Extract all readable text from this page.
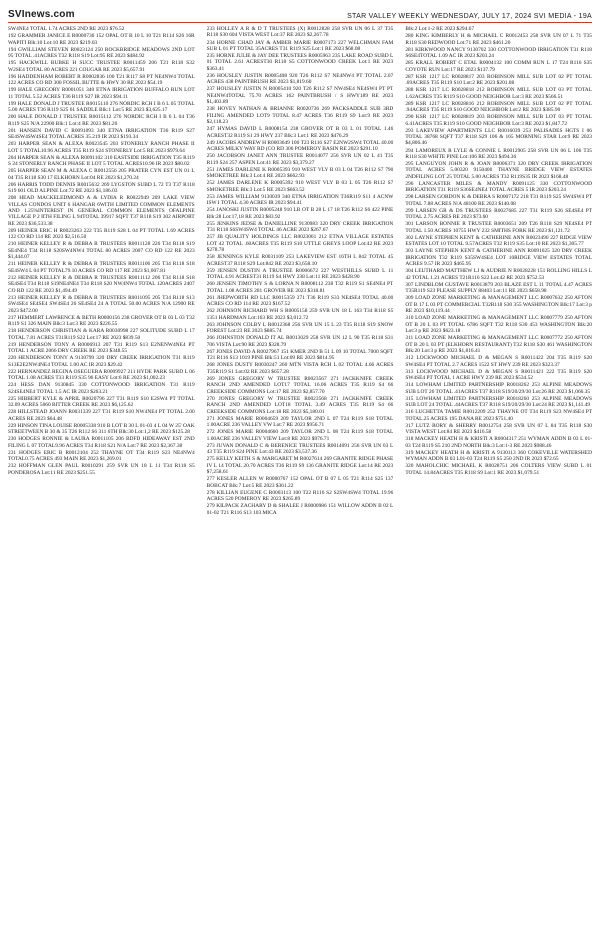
SVInews.com	STAR VALLEY WEEKLY WEDNESDAY, JULY 17, 2024 SVI MEDIA - 19A

SW4NE4 TOTAL 1.74 ACRES 2ND RE 2023 $76.52

192 GRAMMER JANICE E R0000736 152 OPAL OT B 10 L 10 T21 R114 S26 16R WAPITI Blk:10 Lot:10 RE 2023 $219.03

194 GWILLIAM STEVEN R0023124 250 ROCKBRIDGE MEADOWS 2ND LOT 95 TOTAL .41ACRES T32 R118 S19 Lot:95 RE 2023 $484.92

195 HACKWILL BUBKE H SUCC TRUSTEE R0011459 206 T21 R118 S32 W2SE4 TOTAL 80 ACRES 221 COUGAR RE 2023 $5,657.91

196 HADDENHAM ROBERT R R0002836 100 T21 R117 S8 PT NE4NW4 TOTAL 122 ACRES CO RD 300 FOSSIL BUTTE & HWY 30 RE 2023 $54.19

199 HALE GREGORY R0001051 340 ETNA IRRIGATION BUFFALO RUN LOT 11 TOTAL 5.52 ACRES T36 R119 S27 IR 2023 $94.11

199 HALE DONALD J TRUSTEE R0015110 276 NORDIC RCH I B 6 L 05 TOTAL 5.00 ACRES T36 R119 S25 61 SADDLE Blk:1 Lot:5 RE 2023 $3,625.17

200 HALE DONALD J TRUSTEE R0015112 276 NORDIC RCH I B 6 L 04 T36 R119 S25 N/A 22900 Blk:1 Lot:4 RE 2023 $81.20

201 HANSEN DAVID C R0091093 340 ETNA IRRIGATION T36 R119 S27 SE4SW4SW4SE4 TOTAL ACRES 35.219 IR 2023 $193.34

203 HARPER SEAN & ALEXA R0023545 203 STONERLY RANCH PHASE II LOT 5 TOTAL10.96 ACRES T35 R119 S24 STONERLY Lot:5 RE 2023 $979.64

204 HARPER SEAN & ALEXA R0091102 310 EASTSIDE IRRIGATION T35 R119 S 24 STONERLY RANCH PHASE II LOT 5 TOTAL ACRES10.96 IR 2023 $80.02

205 HARPER SEAN M & ALEXA C R0012556 205 PRATER CYN EST UN 01 L 04 T35 R118 S30 17 ELKHORN Lot:04 RE 2023 $1,270.24

206 HARRIS TODD DENNIS R0015632 269 LYGSTON SUBD L 72 T3 T37 R118 S19 601 OLD ALPINE Lot:72 RE 2023 $1,186.03

208 HEAD MACKELEDMOND A & LYDIA R R0022949 269 LAKE VIEW VILLAS CONDOS UNIT 6 HANGAR 6WITH LIMITED COMMON ELEMENTS AND 1.25%INTEREST IN GENERAL COMMON ELEMENTS OFALPINE VILLAGE P 2 IITH FILING L 94TOTAL 39917 SQFT T37 R118 S19 302 AIRPORT RE 2023 $36,533.38

209 HEINER ERIC H R0023263 222 T35 R119 S28 L 04 PT TOTAL 1.69 ACRES 122 CO RD 114 RE 2023 $2,516.50

210 HEINER KELLEY R & DEBRA R TRUSTEES R0011128 226 T34 R118 S19 SE4NE4 T34 R118 S20SW4NW4 TOTAL 80 ACRES 2007 CO RD 122 RE 2023 $1,444.07

211 HEINER KELLEY R & DEBRA R TRUSTEES R0011106 205 T34 R118 S18 SE4SW4 L 04 PT TOTAL79.10 ACRES CO RD 117 RE 2023 $1,007.81

212 HEINER KELLEY R & DEBRA R TRUSTEES R0011112 206 T34 R118 S18 SE4SE4 T34 R118 S19NE4NE4 T34 R118 S20 NW4NW4 TOTAL 120ACRES 2407 CO RD 122 RE 2023 $1,494.49

213 HEINER KELLEY R & DEBRA R TRUSTEES R0011095 205 T34 R118 S13 SW4SE4 SE4SE4 SW4SE4 26 SE4SE4 24 A TOTAL 50.00 ACRES N/A 12900 RE 2023 $472.00

217 HEMMERT LAWRENCE & BETH R0000156 238 GROVER OT B 03 L 03 T32 R119 S1 326 MAIN Blk:3 Lot:3 RE 2023 $226.55

218 HENDERSON CHRISTIAN & KARA R0030998 227 SOLITUDE SUBD L 17 TOTAL 7.81 ACRES T31R119 S22 Lot:17 RE 2023 $839.50

219 HENDERSON TONY A R0006913 207 T31 R119 S13 E2NENW4NE4 PT TOTAL 1 ACRE 2066 DRY CREEK RE 2023 $348.55

220 HENDERSON TONY A 9130799 320 DRY CREEK IRRIGATION T31 R119 S13E2E2NW4NE4 TOTAL 1.00 AC IR 2023 $29.42

222 HERNANDEZ REGINA OSEGUERA R0009927 211 HYDE PARK SUBD L 06 TOTAL 1.08 ACRES T33 R119 S35 96 EASY Lot:6 RE 2023 $1,002.23

224 HESS DAN 9130845 330 COTTONWOOD IRRIGATION T31 R119 S24SE4NE4 TOTAL 1.5 AC IR 2023 $263.21

225 HIBBERT KYLE & APRIL R0020796 227 T31 R119 S10 E2SW4 PT TOTAL 32.09 ACRES 5060 BITTER CREEK RE 2023 $6,125.62

228 HILLSTEAD JOANN R0031339 227 T31 R119 S10 NW4NE4 PT TOTAL 2.00 ACRES RE 2023 $64.48

229 HINSON TINA LOUISE R0005338 910 B LOT B 30 L 01-03 4 L 04 W 25' OAK STREETWEEN B 30 & 35 T26 R112 S6 311 6TH Blk:30 Lot:1,2 RE 2023 $125.28

230 HODGES RONNIE & LAURA R0011105 206 BDFD HIDEAWAY EST 2ND FILING L 07 TOTAL9.96 ACRES T34 R118 S21 N/A Lot:7 RE 2023 $2,367.38

231 HODGES ERIC B R0012104 252 THAYNE OT T34 R119 S23 NE4NW4 TOTAL0.75 ACRES 493 MAIN RE 2023 $1,269.01

232 HOFFMAN GLEN PAUL R0010291 259 SVR UN 18 L 11 T34 R118 S5 PONDEROSA Lot:11 RE 2023 $251.55

233 HOLLEY A R & D T TRUSTEES (X) R0012828 258 SVR UN 06 L 37 T35 R118 S30 604 VISTA WEST Lot:37 RE 2023 $2,267.78

234 HORNE CHAD JAY & AMBER MARIE R0007173 227 WELCHMAN FAM SUB L 01 PT TOTAL 35ACRES T31 R119 S25 Lot:1 RE 2023 $68.08

235 HORNE JULIE & JAY DEE TRUSTEES R0005963 235 LAKE ROAD SUBD L 01 TOTAL 2.61 ACREST30 R118 S5 COTTONWOOD CREEK Lot:1 RE 2023 $363.41

236 HOUSLEY JUSTIN R0005408 920 T26 R112 S7 NE4NW4 PT TOTAL 2.07 ACRES 438 PAINTBRUSH RE 2023 $1,819.60

237 HOUSLEY JUSTIN N R0005410 920 T26 R112 S7 NW4SE4 NE4SW4 PT PT NE4NW4TOTAL 75.70 ACRES 162 PAINTBRUSH / S HWY189 RE 2023 $1,403.89

238 HOVEY NATHAN & BRIANNE R0020736 269 PACKSADDLE SUB 3RD FILING AMENDED LOT9 TOTAL 8.47 ACRES T36 R119 S9 Lot:9 RE 2023 $2,118.23

247 HYMAS DAVID L R0008154 238 GROVER OT B 03 L 01 TOTAL 1.46 ACREST32 R119 S1 29 HWY 237 Blk:3 Lot:1 RE 2023 $476.29

249 JACOBS ANDREW H R0003649 100 T23 R116 S27 E2NW2SW4 TOTAL 40.00 ACRES MILKY WAY RD (CO RD 306 POMEROY BASIN RE 2023 $291.10

250 JACOBSON JANET ANN TRUSTEE R0014077 256 SVR UN 02 L 41 T35 R119 S24 257 ASPEN Lot:41 RE 2023 $3,379.27

251 JAMES DARLENE K R0005393 910 WEST VLY B 03 L 04 T26 R112 S7 790 SMOKETREE Blk:3 Lot:4 RE 2023 $662.93

252 JAMES DARLENE K R0005392 910 WEST VLY B 03 L 05 T26 R112 S7 SMOKETREE Blk:3 Lot:5 RE 2023 $663.52

253 JAMES WILLIAM 9130039 340 ETNA IRRIGATION T36R119 S11 4 ACNW ISW I TOTAL 4.30 ACRES IR 2023 $94.41

254 JANOSKI JUSTIN R0005248 910 LB OT B 28 L 17 18 T26 R112 S6 422 PINE Blk:28 Lot:17,18 RE 2023 $83.92

255 JENKINS JEDSE & DANIELLINE 9130983 320 DRY CREEK IRRIGATION T31 R118 S6SW4SW4 TOTAL 46 ACRE 2023 $267.67

257 JB QUALITY HOLDINGS LLC R0023061 212 ETNA VILLAGE ESTATES LOT 42 TOTAL .60ACRES T35 R119 S10 UTTLE GREYS LOOP Lot:42 RE 2023 $278.78

258 JENNINGS KYLE R0031109 253 LAKEVIEW EST 16TH L 842 TOTAL 45 ACREST37 R118 S29 Lot:842 RE 2023 $3,658.10

259 JENSEN DUSTIN A TRUSTEE R0006672 227 WESTHILLS SUBD L 11 TOTAL 4.91 ACREST31 R119 S4 HWY 238 Lot:11 RE 2023 $428.90

260 JENSEN TIMOTHY S & LORNA N R0008112 238 T32 R119 S1 SE4NE4 PT TOTAL 1.08 ACRES 281 GROVER RE 2023 $318.81

261 JHEPWORTH RD LLC R0015359 271 T36 R119 S33 NE4SE4 TOTAL 40.00 ACRES CO RD 114 RE 2023 $167.52

262 JOHNSON RICHARD WH S R0005158 259 SVR UN 18 L 163 T34 R118 S5 1351 HARDMAN Lot:163 RE 2023 $3,012.72

263 JOHNSON COLBY L R0012368 256 SVR UN 15 L 23 T35 R118 S19 SNOW FOREST Lot:23 RE 2023 $885.74

266 JOHNSTON DONALD IT AL R0013029 258 SVR UN 12 L 90 T35 R118 S31 706 VISTA Lot:90 RE 2023 $328.79

267 JONES DAVID A R0027967 151 KMER 2ND B 51 L 09 10 TOTAL 7000 SQFT T21 R116 S13 1019 PINE Blk:51 Lot:09 RE 2023 $814.95

268 JONES DUSTY R0030247 260 MTN VISTA RCH L 02 TOTAL 4.66 ACRES T35R119 S1 Lot:02 RE 2023 $657.28

269 JONES GREGORY W TRUSTEE R0023567 271 JACKKNIFE CREEK RANCH 2ND AMENDED LOT17 TOTAL 16.06 ACRES T35 R119 S4 66 CREEKSIDE COMMONS Lot:17 RE 2023 $2,857.70

270 JONES GREGORY W TRUSTEE R0023568 271 JACKKNIFE CREEK RANCH 2ND AMENDED LOT18 TOTAL 3.49 ACRES T35 R119 S4 66 CREEKSIDE COMMONS Lot:18 RE 2023 $5,180.01

271 JONES MARIE R0004659 209 TAYLOR 2ND L 07 T24 R119 S18 TOTAL 1.00ACRE 236 VALLEY VW Lot:7 RE 2023 $956.71

272 JONES MARIE R0004660 209 TAYLOR 2ND L 08 T24 R119 S18 TOTAL 1.00ACRE 236 VALLEY VIEW Lot:8 RE 2023 $976.71

273 JUVAN DONALD C & BERENICE TRUSTEES R0014091 256 SVR UN 03 L 43 T35 R119 S24 PINE Lot:43 RE 2023 $3,537.36

275 KELLY KEITH S & MARGARET M R0027614 269 GRANITE RIDGE PHASE IV L 14 TOTAL 20.70 ACRES T36 R119 S9 136 GRANITE RIDGE Lot:14 RE 2023 $7,258.61

277 KESLER ALLEN W R0000767 152 OPAL OT B 07 L 05 T21 R114 S25 137 BOBCAT Blk:7 Lot:5 RE 2023 $361.22

278 KILLIAN EUGENE C R0003113 100 T22 R116 S2 S2SW4SW4 TOTAL 19.96 ACRES 520 POMEROY RE 2023 $265.89

279 KILPACK ZACHARY D & SHALEE J R0000986 151 WILLOW ADDN B 02 L 01-02 T21 R116 S13 103 MICA

Blk:2 Lot:1-2 RE 2023 $294.67

280 KING KIMBERLY H & MICHAEL C R0012453 258 SVR UN 07 L 71 T35 R118 S30 REDWOOD Lot:71 RE 2023 $461.20

281 KIRKWOOD NANCY 9130702 330 COTTONWOOD IRRIGATION T31 R118 S6SE4TOTAL 1.09 AC IR 2023 $203.24

285 KRALL ROBERT C ETAL R0004132 100 COMM RUN L 17 T24 R116 S35 COYOTE RUN Lot:17 RE 2023 $137.79

287 KSR 1217 LC R0028817 203 ROBINSON MILL SUB LOT 02 PT TOTAL .69ACRES T35 R119 S10 Lot:2 RE 2023 $201.08

288 KSR 1217 LC R0028818 212 ROBINSON MILL SUB LOT 03 PT TOTAL 1.62ACRES T35 R119 S10 GOOD NEIGHBOR Lot:3 RE 2023 $566.51

289 KSR 1217 LC R0028816 212 ROBINSON MILL SUB LOT 02 PT TOTAL .94ACRES T35 R119 S10 GOOD NEIGHBOR Lot:2 RE 2023 $385.90

290 KSR 1217 LC R0028819 203 ROBINSON MILL SUB LOT 03 PT TOTAL 6.41ACRES T35 R119 S10 GOOD NEIGHBOR Lot:3 RE 2023 $1,847.72

293 LAKEVIEW APARTMENTS LLC R0016039 253 PALISADES HGTS I 06 TOTAL 38768 SQFT T37 R118 S29 106 & 165 MORNING STAR Lot:9 RE 2023 $4,806.46

294 LAMOREUX R LYLE & CONNIE L R0012905 258 SVR UN 06 L 106 T35 R118 S30 WHITE PINE Lot:106 RE 2023 $494.36

295 LANGUYON JOHN R & JOAN R0006371 320 DRY CREEK IRRIGATION TOTAL ACRES 5.00320 9150400 THAYNE BRIDGE VIEW ESTATES 2NDFILING LOT 25 TOTAL 5.00 ACRES T32 R119S35 IR 2023 $168.48

296 LANCASTER MILES & MANDY R0091125 330 COTTONWOOD IRRIGATION T31 R119 S36SE4NE4 TOTAL ACRES 5 IR 2023 $203.24

298 LARSEN GORDON K & DEBRA S R0007172 218 T31 R119 S25 SW4SW4 PT TOTAL 7.88 ACRES N/A 48100 RE 2023 $140.08

299 LARSEN GR & DS TRUSTEES R0027685 227 T31 R119 S26 SE4SE4 PT TOTAL 2.75 ACRES RE 2023 $73.60

301 LARSON BONNIE R TRUSTEE R0003651 209 T26 R118 S29 NE4SE4 PT TOTAL 1.50 ACRES 10755 HWY 232 SMITHS FORK RE 2023 $1,121.72

302 LAYNE STEPHEN KENT & CATHERINE ANN R0023490 227 RIDGE VIEW ESTATES LOT 10 TOTAL 9.57ACRES T32 R119 S35 Lot:10 RE 2023 $1,305.77

303 LAYNE STEPHEN KENT & CATHERINE ANN R0091025 320 DRY CREEK IRRIGATION T32 R119 S35SW4SE4 LOT 10RIDGE VIEW ESTATES TOTAL ACRES 9.57 IR 2023 $465.95

304 LEUTHARD MATTHEW LJ & AUDRIE N R0028228 151 ROLLING HILLS L 42 TOTAL 1.21 ACRES T21R116 S22 Lot:42 RE 2023 $752.53

307 LINDBLOM GUSTAVE R0013879 203 BLAZE EST L 11 TOTAL 4.47 ACRES T35R119 S23 PLEASE SUPPLY 88403 Lot:11 RE 2023 $658.98

309 LOAD ZONE MARKETING & MANAGEMENT LLC R0007632 250 AFTON OT B 17 L 03 PT COMMERCIAL T32R118 S30 355 WASHINGTON Blk:17 Lot:3 p RE 2023 $10,119.44

310 LOAD ZONE MARKETING & MANAGEMENT LLC R0007779 250 AFTON OT B 20 L 03 PT TOTAL 6786 SQFT T32 R118 S30 453 WASHINGTON Blk:20 Lot:3 p RE 2023 $623.18

311 LOAD ZONE MARKETING & MANAGEMENT LLC R0007772 250 AFTON OT B 20 L 03 PT (ELKHORN RESTAURANT) T32 R118 S30 461 WASHINGTON Blk:20 Lot:3 p RE 2023 $1,816.41

312 LOCKWOOD MICHAEL D & MEGAN S R0011422 204 T35 R119 S20 SW4SE4 PT TOTAL 2.7 ACRES 1522 ST HWY 239 RE 2023 $323.37

313 LOCKWOOD MICHAEL D & MEGAN S R0011421 222 T35 R119 S20 SW4SE4 PT TOTAL 1 ACRE HWY 239 RE 2023 $534.52

314 LOWHAM LIMITED PARTNERSHIP R0018262 253 ALPINE MEADOWS SUB LOT 26 TOTAL .41ACRES T37 R118 S19/20/29/30 Lot:26 RE 2023 $1,066.35

315 LOWHAM LIMITED PARTNERSHIP R0018260 253 ALPINE MEADOWS SUB LOT 24 TOTAL .44ACRES T37 R118 S19/20/29/30 Lot:24 RE 2023 $1,141.49

316 LUCHETTA TAMIE R0012209 252 THAYNE OT T34 R119 S23 NW4SE4 PT TOTAL.25 ACRES 195 DANA RE 2023 $751.40

317 LUTZ RORY & SHERRY R0012754 258 SVR UN 07 L 84 T35 R118 S30 VISTA WEST Lot:84 RE 2023 $416.58

318 MACKEY HEATH H & KRISTI A R0004317 251 WYMAN ADDN B 03 L 01-03 T24 R119 S5 210 2ND NORTH Blk:3 Lot:1-3 RE 2023 $988.46

319 MACKEY HEATH H & KRISTI A 9130113 360 COKEVILLE WATERSHED WYMAN ADDN B 03 L01-03 T24 R119 S5 250 2ND IR 2023 $72.65

320 MAHOLCHIC MICHAEL K R0028751 206 COLTERS VIEW SUBD L 01 TOTAL 14.84ACRES T35 R118 S9 Lot:1 RE 2023 $1,079.51
